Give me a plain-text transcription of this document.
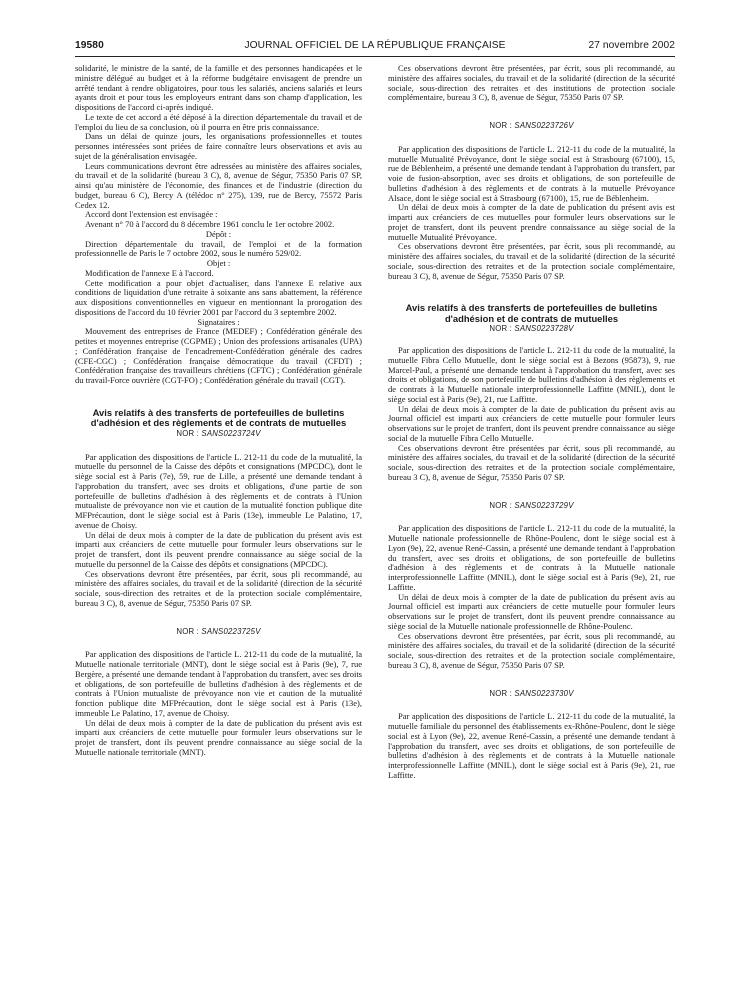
19580	JOURNAL OFFICIEL DE LA RÉPUBLIQUE FRANÇAISE	27 novembre 2002

solidarité, le ministre de la santé, de la famille et des personnes handicapées et le ministre délégué au budget et à la réforme budgétaire envisagent de prendre un arrêté tendant à rendre obligatoires, pour tous les salariés, anciens salariés et leurs ayants droit et pour tous les employeurs entrant dans son champ d'application, les dispositions de l'accord ci-après indiqué.

Le texte de cet accord a été déposé à la direction départementale du travail et de l'emploi du lieu de sa conclusion, où il pourra en être pris connaissance.

Dans un délai de quinze jours, les organisations professionnelles et toutes personnes intéressées sont priées de faire connaître leurs observations et avis au sujet de la généralisation envisagée.

Leurs communications devront être adressées au ministère des affaires sociales, du travail et de la solidarité (bureau 3 C), 8, avenue de Ségur, 75350 Paris 07 SP, ainsi qu'au ministère de l'économie, des finances et de l'industrie (direction du budget, bureau 6 C), Bercy A (télédoc n° 275), 139, rue de Bercy, 75572 Paris Cedex 12.

Accord dont l'extension est envisagée :

Avenant n° 70 à l'accord du 8 décembre 1961 conclu le 1er octobre 2002.

Dépôt :

Direction départementale du travail, de l'emploi et de la formation professionnelle de Paris le 7 octobre 2002, sous le numéro 529/02.

Objet :

Modification de l'annexe E à l'accord.

Cette modification a pour objet d'actualiser, dans l'annexe E relative aux conditions de liquidation d'une retraite à soixante ans sans abattement, la référence aux dispositions conventionnelles en vigueur en mentionnant la prorogation des dispositions de l'accord du 10 février 2001 par l'accord du 3 septembre 2002.

Signataires :

Mouvement des entreprises de France (MEDEF) ; Confédération générale des petites et moyennes entreprise (CGPME) ; Union des professions artisanales (UPA) ; Confédération française de l'encadrement-Confédération générale des cadres (CFE-CGC) ; Confédération française démocratique du travail (CFDT) ; Confédération française des travailleurs chrétiens (CFTC) ; Confédération générale du travail-Force ouvrière (CGT-FO) ; Confédération générale du travail (CGT).

Avis relatifs à des transferts de portefeuilles de bulletins d'adhésion et des règlements et de contrats de mutuelles

NOR : SANS0223724V

Par application des dispositions de l'article L. 212-11 du code de la mutualité, la mutuelle du personnel de la Caisse des dépôts et consignations (MPCDC), dont le siège social est à Paris (7e), 59, rue de Lille, a présenté une demande tendant à l'approbation du transfert, avec ses droits et obligations, d'une partie de son portefeuille de bulletins d'adhésion à des règlements et de contrats à l'Union mutualiste de prévoyance non vie et caution de la mutualité fonction publique dite MFPrécaution, dont le siège social est à Paris (13e), immeuble Le Palatino, 17, avenue de Choisy.

Un délai de deux mois à compter de la date de publication du présent avis est imparti aux créanciers de cette mutuelle pour formuler leurs observations sur le projet de transfert, dont ils peuvent prendre connaissance au siège social de la mutuelle du personnel de la Caisse des dépôts et consignations (MPCDC).

Ces observations devront être présentées, par écrit, sous pli recommandé, au ministère des affaires sociales, du travail et de la solidarité (direction de la sécurité sociale, sous-direction des retraites et de la protection sociale complémentaire, bureau 3 C), 8, avenue de Ségur, 75350 Paris 07 SP.

NOR : SANS0223725V

Par application des dispositions de l'article L. 212-11 du code de la mutualité, la Mutuelle nationale territoriale (MNT), dont le siège social est à Paris (9e), 7, rue Bergère, a présenté une demande tendant à l'approbation du transfert, avec ses droits et obligations, de son portefeuille de bulletins d'adhésion à des règlements et de contrats à l'Union mutualiste de prévoyance non vie et caution de la mutualité fonction publique dite MFPrécaution, dont le siège social est à Paris (13e), immeuble Le Palatino, 17, avenue de Choisy.

Un délai de deux mois à compter de la date de publication du présent avis est imparti aux créanciers de cette mutuelle pour formuler leurs observations sur le projet de transfert, dont ils peuvent prendre connaissance au siège social de la Mutuelle nationale territoriale (MNT).

Ces observations devront être présentées, par écrit, sous pli recommandé, au ministère des affaires sociales, du travail et de la solidarité (direction de la sécurité sociale, sous-direction des retraites et des institutions de protection sociale complémentaire, bureau 3 C), 8, avenue de Ségur, 75350 Paris 07 SP.

NOR : SANS0223726V

Par application des dispositions de l'article L. 212-11 du code de la mutualité, la mutuelle Mutualité Prévoyance, dont le siège social est à Strasbourg (67100), 15, rue de Béblenheim, a présenté une demande tendant à l'approbation du transfert, par voie de fusion-absorption, avec ses droits et obligations, de son portefeuille de bulletins d'adhésion à des règlements et de contrats à la mutuelle Prévoyance Alsace, dont le siège social est à Strasbourg (67100), 15, rue de Béblenheim.

Un délai de deux mois à compter de la date de publication du présent avis est imparti aux créanciers de ces mutuelles pour formuler leurs observations sur le projet de transfert, dont ils peuvent prendre connaissance au siège social de la mutuelle Mutualité Prévoyance.

Ces observations devront être présentées, par écrit, sous pli recommandé, au ministère des affaires sociales, du travail et de la solidarité (direction de la sécurité sociale, sous-direction des retraites et de la protection sociale complémentaire, bureau 3 C), 8, avenue de Ségur, 75350 Paris 07 SP.

Avis relatifs à des transferts de portefeuilles de bulletins d'adhésion et de contrats de mutuelles

NOR : SANS0223728V

Par application des dispositions de l'article L. 212-11 du code de la mutualité, la mutuelle Fibra Cello Mutuelle, dont le siège social est à Bezons (95873), 9, rue Marcel-Paul, a présenté une demande tendant à l'approbation du transfert, avec ses droits et obligations, de son portefeuille de bulletins d'adhésion à des règlements et de contrats à la Mutuelle nationale interprofessionnelle Laffitte (MNIL), dont le siège social est à Paris (9e), 21, rue Laffitte.

Un délai de deux mois à compter de la date de publication du présent avis au Journal officiel est imparti aux créanciers de cette mutuelle pour formuler leurs observations sur le projet de tranfert, dont ils peuvent prendre connaissance au siège social de la mutuelle Fibra Cello Mutuelle.

Ces observations devront être présentées par écrit, sous pli recommandé, au ministère des affaires sociales, du travail et de la solidarité (direction de la sécurité sociale, sous-direction des retraites et de la protection sociale complémentaire, bureau 3 C), 8, avenue de Ségur, 75350 Paris 07 SP.

NOR : SANS0223729V

Par application des dispositions de l'article L. 212-11 du code de la mutualité, la Mutuelle nationale professionnelle de Rhône-Poulenc, dont le siège social est à Lyon (9e), 22, avenue René-Cassin, a présenté une demande tendant à l'approbation du transfert, avec ses droits et obligations, de son portefeuille de bulletins d'adhésion à des règlements et de contrats à la Mutuelle nationale interprofessionnelle Laffitte (MNIL), dont le siège social est à Paris (9e), 21, rue Laffitte.

Un délai de deux mois à compter de la date de publication du présent avis au Journal officiel est imparti aux créanciers de cette mutuelle pour formuler leurs observations sur le projet de transfert, dont ils peuvent prendre connaissance au siège social de la Mutuelle nationale professionnelle de Rhône-Poulenc.

Ces observations devront être présentées, par écrit, sous pli recommandé, au ministère des affaires sociales, du travail et de la solidarité (direction de la sécurité sociale, sous-direction des retraites et de la protection sociale complémentaire, bureau 3 C), 8, avenue de Ségur, 75350 Paris 07 SP.

NOR : SANS0223730V

Par application des dispositions de l'article L. 212-11 du code de la mutualité, la mutuelle familiale du personnel des établissements ex-Rhône-Poulenc, dont le siège social est à Lyon (9e), 22, avenue René-Cassin, a présenté une demande tendant à l'approbation du transfert, avec ses droits et obligations, de son portefeuille de bulletins d'adhésion à des règlements et de contrats à la Mutuelle nationale interprofessionnelle Laffitte (MNIL), dont le siège social est à Paris (9e), 21, rue Laffitte.
